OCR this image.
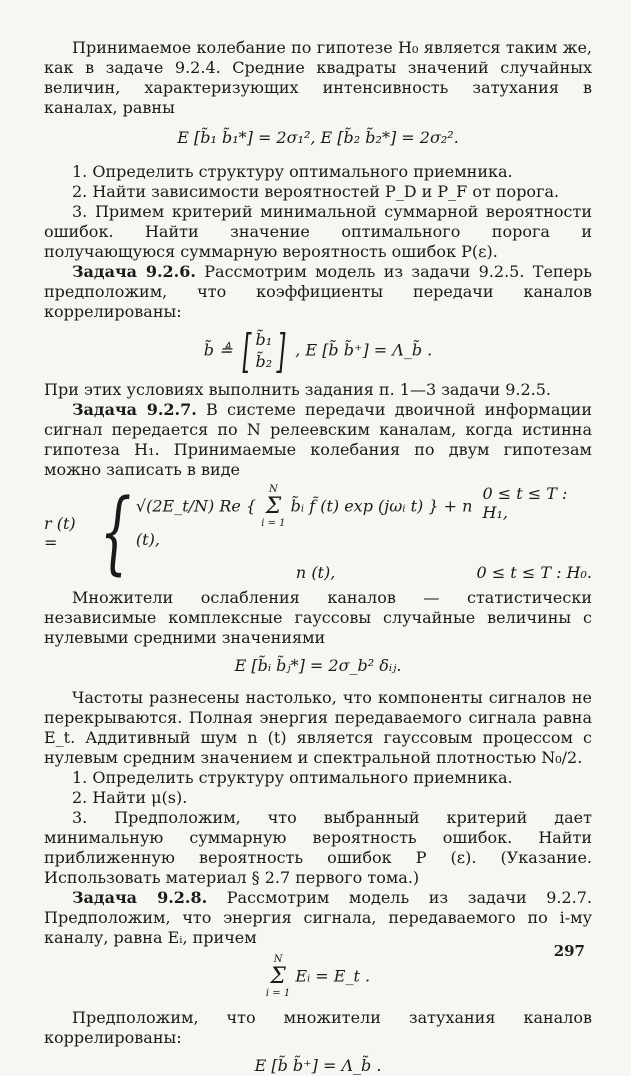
Принимаемое колебание по гипотезе H₀ является таким же, как в задаче 9.2.4. Средние квадраты значений случайных величин, характеризующих интенсивность затухания в каналах, равны

E [b̃₁ b̃₁*] = 2σ₁², E [b̃₂ b̃₂*] = 2σ₂².

1. Определить структуру оптимального приемника.

2. Найти зависимости вероятностей P_D и P_F от порога.

3. Примем критерий минимальной суммарной вероятности ошибок. Найти значение оптимального порога и получающуюся суммарную вероятность ошибок P(ε).

Задача 9.2.6. Рассмотрим модель из задачи 9.2.5. Теперь предположим, что коэффициенты передачи каналов коррелированы:

b̃ ≜ [ b̃₁
b̃₂ ] , E [b̃ b̃⁺] = Λ_b̃ .

При этих условиях выполнить задания п. 1—3 задачи 9.2.5.

Задача 9.2.7. В системе передачи двоичной информации сигнал передается по N релеевским каналам, когда истинна гипотеза H₁. Принимаемые колебания по двум гипотезам можно записать в виде

r (t) = { √(2E_t/N) Re {
N
Σ
i = 1
b̃ᵢ f̃ (t) exp (jωᵢ t) } + n (t),
0 ≤ t ≤ T : H₁,
n (t),	0 ≤ t ≤ T : H₀.

Множители ослабления каналов — статистически независимые комплексные гауссовы случайные величины с нулевыми средними значениями

E [b̃ᵢ b̃ⱼ*] = 2σ_b² δᵢⱼ.

Частоты разнесены настолько, что компоненты сигналов не перекрываются. Полная энергия передаваемого сигнала равна E_t. Аддитивный шум n (t) является гауссовым процессом с нулевым средним значением и спектральной плотностью N₀/2.

1. Определить структуру оптимального приемника.

2. Найти μ(s).

3. Предположим, что выбранный критерий дает минимальную суммарную вероятность ошибок. Найти приближенную вероятность ошибок P (ε). (Указание. Использовать материал § 2.7 первого тома.)

Задача 9.2.8. Рассмотрим модель из задачи 9.2.7. Предположим, что энергия сигнала, передаваемого по i-му каналу, равна Eᵢ, причем

N
Σ
i = 1
Eᵢ = E_t .

Предположим, что множители затухания каналов коррелированы:

E [b̃ b̃⁺] = Λ_b̃ .

297
